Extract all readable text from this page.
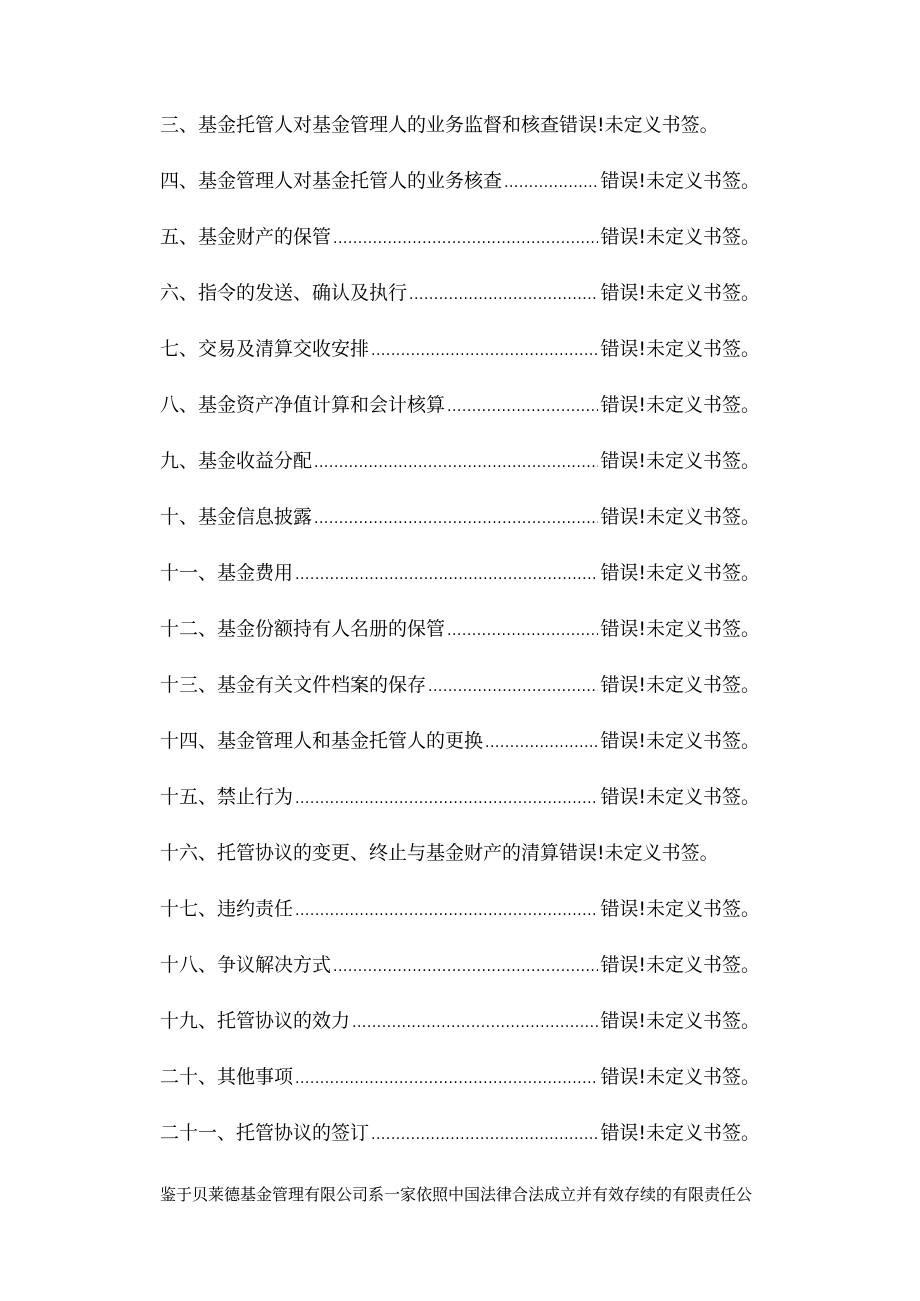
三、基金托管人对基金管理人的业务监督和核查 错误!未定义书签。
四、基金管理人对基金托管人的业务核查 .....	错误!未定义书签。
五、基金财产的保管 .....	错误!未定义书签。
六、指令的发送、确认及执行 .....	错误!未定义书签。
七、交易及清算交收安排 .....	错误!未定义书签。
八、基金资产净值计算和会计核算 .....	错误!未定义书签。
九、基金收益分配 .....	错误!未定义书签。
十、基金信息披露 .....	错误!未定义书签。
十一、基金费用 .....	错误!未定义书签。
十二、基金份额持有人名册的保管 .....	错误!未定义书签。
十三、基金有关文件档案的保存 .....	错误!未定义书签。
十四、基金管理人和基金托管人的更换 .....	错误!未定义书签。
十五、禁止行为 .....	错误!未定义书签。
十六、托管协议的变更、终止与基金财产的清算 错误!未定义书签。
十七、违约责任 .....	错误!未定义书签。
十八、争议解决方式 .....	错误!未定义书签。
十九、托管协议的效力 .....	错误!未定义书签。
二十、其他事项 .....	错误!未定义书签。
二十一、托管协议的签订 .....	错误!未定义书签。
鉴于贝莱德基金管理有限公司系一家依照中国法律合法成立并有效存续的有限责任公
